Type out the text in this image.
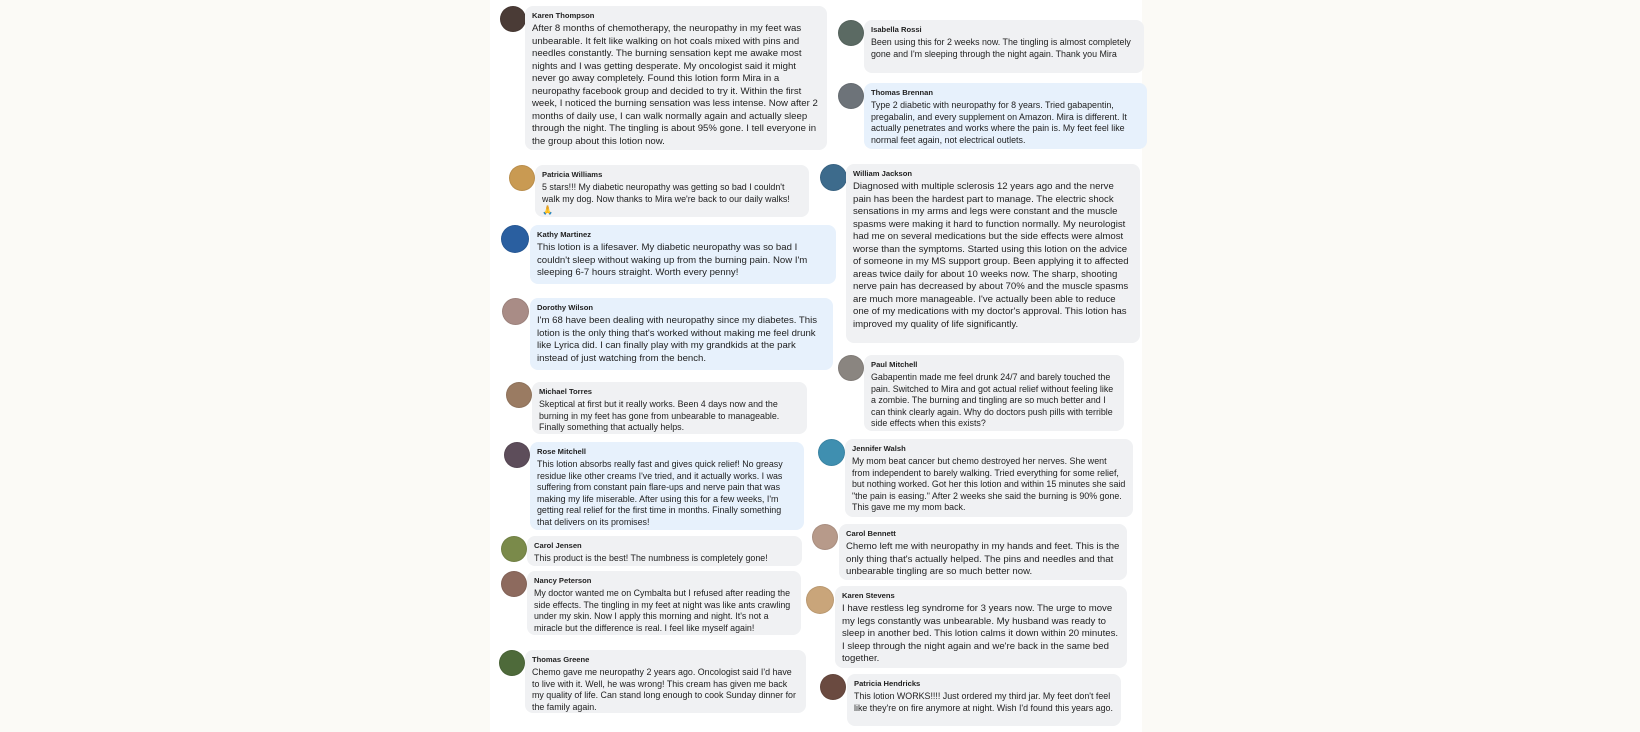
Karen Thompson
After 8 months of chemotherapy, the neuropathy in my feet was unbearable. It felt like walking on hot coals mixed with pins and needles constantly. The burning sensation kept me awake most nights and I was getting desperate. My oncologist said it might never go away completely. Found this lotion form Mira in a neuropathy facebook group and decided to try it. Within the first week, I noticed the burning sensation was less intense. Now after 2 months of daily use, I can walk normally again and actually sleep through the night. The tingling is about 95% gone. I tell everyone in the group about this lotion now.
Isabella Rossi
Been using this for 2 weeks now. The tingling is almost completely gone and I'm sleeping through the night again. Thank you Mira
Thomas Brennan
Type 2 diabetic with neuropathy for 8 years. Tried gabapentin, pregabalin, and every supplement on Amazon. Mira is different. It actually penetrates and works where the pain is. My feet feel like normal feet again, not electrical outlets.
Patricia Williams
5 stars!!! My diabetic neuropathy was getting so bad I couldn't walk my dog. Now thanks to Mira we're back to our daily walks! 🙏
William Jackson
Diagnosed with multiple sclerosis 12 years ago and the nerve pain has been the hardest part to manage. The electric shock sensations in my arms and legs were constant and the muscle spasms were making it hard to function normally. My neurologist had me on several medications but the side effects were almost worse than the symptoms. Started using this lotion on the advice of someone in my MS support group. Been applying it to affected areas twice daily for about 10 weeks now. The sharp, shooting nerve pain has decreased by about 70% and the muscle spasms are much more manageable. I've actually been able to reduce one of my medications with my doctor's approval. This lotion has improved my quality of life significantly.
Kathy Martinez
This lotion is a lifesaver. My diabetic neuropathy was so bad I couldn't sleep without waking up from the burning pain. Now I'm sleeping 6-7 hours straight. Worth every penny!
Dorothy Wilson
I'm 68 have been dealing with neuropathy since my diabetes. This lotion is the only thing that's worked without making me feel drunk like Lyrica did. I can finally play with my grandkids at the park instead of just watching from the bench.
Paul Mitchell
Gabapentin made me feel drunk 24/7 and barely touched the pain. Switched to Mira and got actual relief without feeling like a zombie. The burning and tingling are so much better and I can think clearly again. Why do doctors push pills with terrible side effects when this exists?
Michael Torres
Skeptical at first but it really works. Been 4 days now and the burning in my feet has gone from unbearable to manageable. Finally something that actually helps.
Jennifer Walsh
My mom beat cancer but chemo destroyed her nerves. She went from independent to barely walking. Tried everything for some relief, but nothing worked. Got her this lotion and within 15 minutes she said "the pain is easing." After 2 weeks she said the burning is 90% gone. This gave me my mom back.
Rose Mitchell
This lotion absorbs really fast and gives quick relief! No greasy residue like other creams I've tried, and it actually works. I was suffering from constant pain flare-ups and nerve pain that was making my life miserable. After using this for a few weeks, I'm getting real relief for the first time in months. Finally something that delivers on its promises!
Carol Bennett
Chemo left me with neuropathy in my hands and feet. This is the only thing that's actually helped. The pins and needles and that unbearable tingling are so much better now.
Carol Jensen
This product is the best! The numbness is completely gone!
Nancy Peterson
My doctor wanted me on Cymbalta but I refused after reading the side effects. The tingling in my feet at night was like ants crawling under my skin. Now I apply this morning and night. It's not a miracle but the difference is real. I feel like myself again!
Karen Stevens
I have restless leg syndrome for 3 years now. The urge to move my legs constantly was unbearable. My husband was ready to sleep in another bed. This lotion calms it down within 20 minutes. I sleep through the night again and we're back in the same bed together.
Thomas Greene
Chemo gave me neuropathy 2 years ago. Oncologist said I'd have to live with it. Well, he was wrong! This cream has given me back my quality of life. Can stand long enough to cook Sunday dinner for the family again.
Patricia Hendricks
This lotion WORKS!!!! Just ordered my third jar. My feet don't feel like they're on fire anymore at night. Wish I'd found this years ago.
